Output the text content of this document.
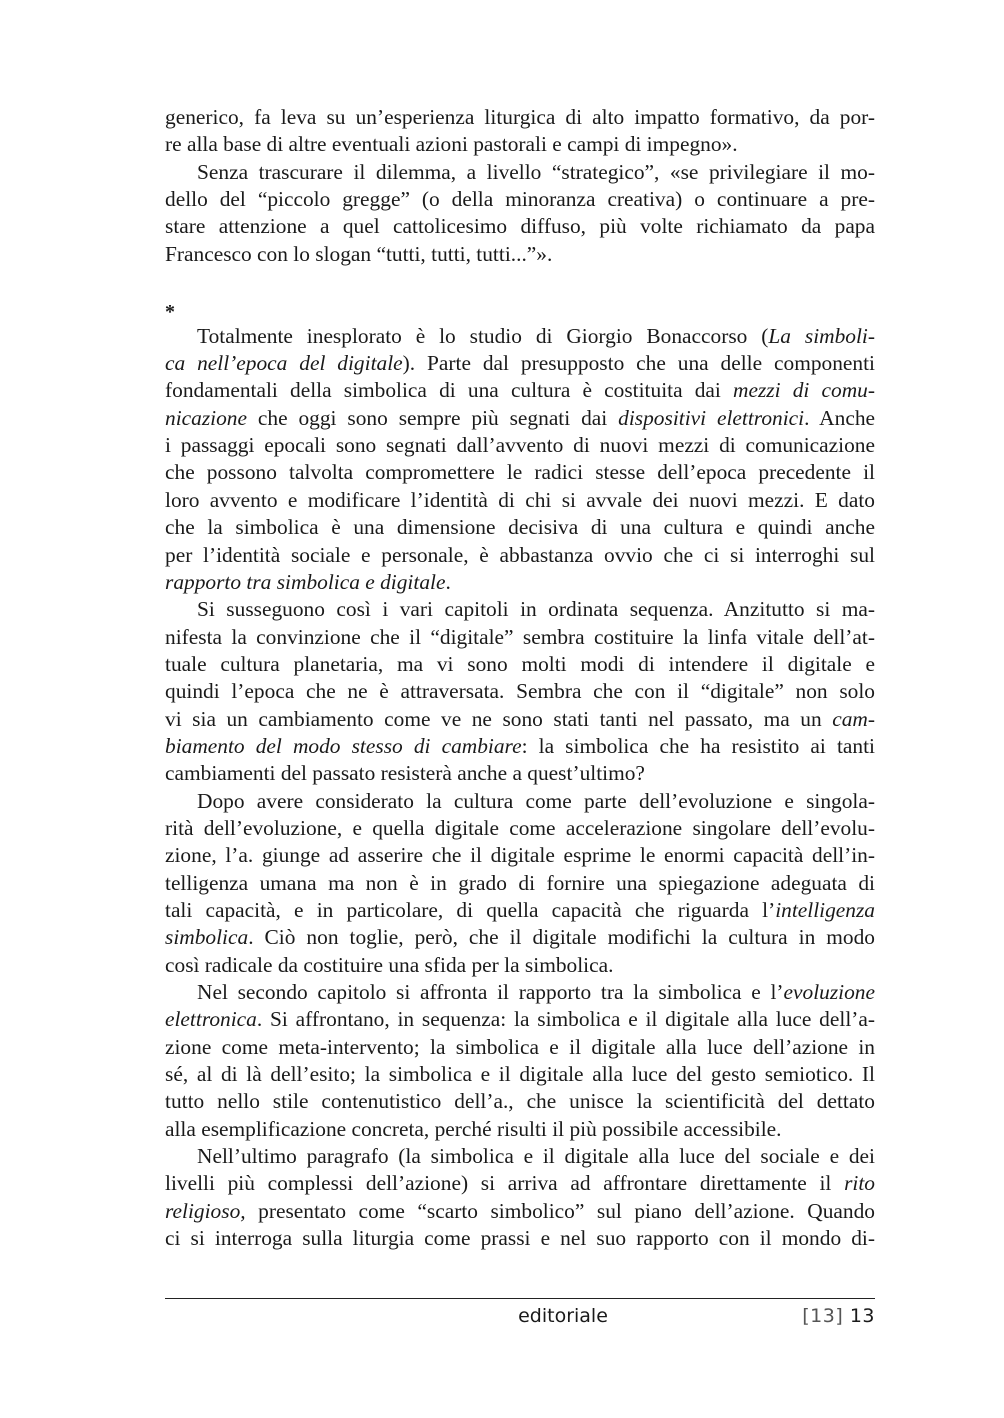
generico, fa leva su un’esperienza liturgica di alto impatto formativo, da por-
re alla base di altre eventuali azioni pastorali e campi di impegno».
Senza trascurare il dilemma, a livello “strategico”, «se privilegiare il mo-
dello del “piccolo gregge” (o della minoranza creativa) o continuare a pre-
stare attenzione a quel cattolicesimo diffuso, più volte richiamato da papa
Francesco con lo slogan “tutti, tutti, tutti...”».
*
Totalmente inesplorato è lo studio di Giorgio Bonaccorso (La simboli-
ca nell’epoca del digitale). Parte dal presupposto che una delle componenti
fondamentali della simbolica di una cultura è costituita dai mezzi di comu-
nicazione che oggi sono sempre più segnati dai dispositivi elettronici. Anche
i passaggi epocali sono segnati dall’avvento di nuovi mezzi di comunicazione
che possono talvolta compromettere le radici stesse dell’epoca precedente il
loro avvento e modificare l’identità di chi si avvale dei nuovi mezzi. E dato
che la simbolica è una dimensione decisiva di una cultura e quindi anche
per l’identità sociale e personale, è abbastanza ovvio che ci si interroghi sul
rapporto tra simbolica e digitale.
Si susseguono così i vari capitoli in ordinata sequenza. Anzitutto si ma-
nifesta la convinzione che il “digitale” sembra costituire la linfa vitale dell’at-
tuale cultura planetaria, ma vi sono molti modi di intendere il digitale e
quindi l’epoca che ne è attraversata. Sembra che con il “digitale” non solo
vi sia un cambiamento come ve ne sono stati tanti nel passato, ma un cam-
biamento del modo stesso di cambiare: la simbolica che ha resistito ai tanti
cambiamenti del passato resisterà anche a quest’ultimo?
Dopo avere considerato la cultura come parte dell’evoluzione e singola-
rità dell’evoluzione, e quella digitale come accelerazione singolare dell’evolu-
zione, l’a. giunge ad asserire che il digitale esprime le enormi capacità dell’in-
telligenza umana ma non è in grado di fornire una spiegazione adeguata di
tali capacità, e in particolare, di quella capacità che riguarda l’intelligenza
simbolica. Ciò non toglie, però, che il digitale modifichi la cultura in modo
così radicale da costituire una sfida per la simbolica.
Nel secondo capitolo si affronta il rapporto tra la simbolica e l’evoluzione
elettronica. Si affrontano, in sequenza: la simbolica e il digitale alla luce dell’a-
zione come meta-intervento; la simbolica e il digitale alla luce dell’azione in
sé, al di là dell’esito; la simbolica e il digitale alla luce del gesto semiotico. Il
tutto nello stile contenutistico dell’a., che unisce la scientificità del dettato
alla esemplificazione concreta, perché risulti il più possibile accessibile.
Nell’ultimo paragrafo (la simbolica e il digitale alla luce del sociale e dei
livelli più complessi dell’azione) si arriva ad affrontare direttamente il rito
religioso, presentato come “scarto simbolico” sul piano dell’azione. Quando
ci si interroga sulla liturgia come prassi e nel suo rapporto con il mondo di-
editoriale	[13] 13
